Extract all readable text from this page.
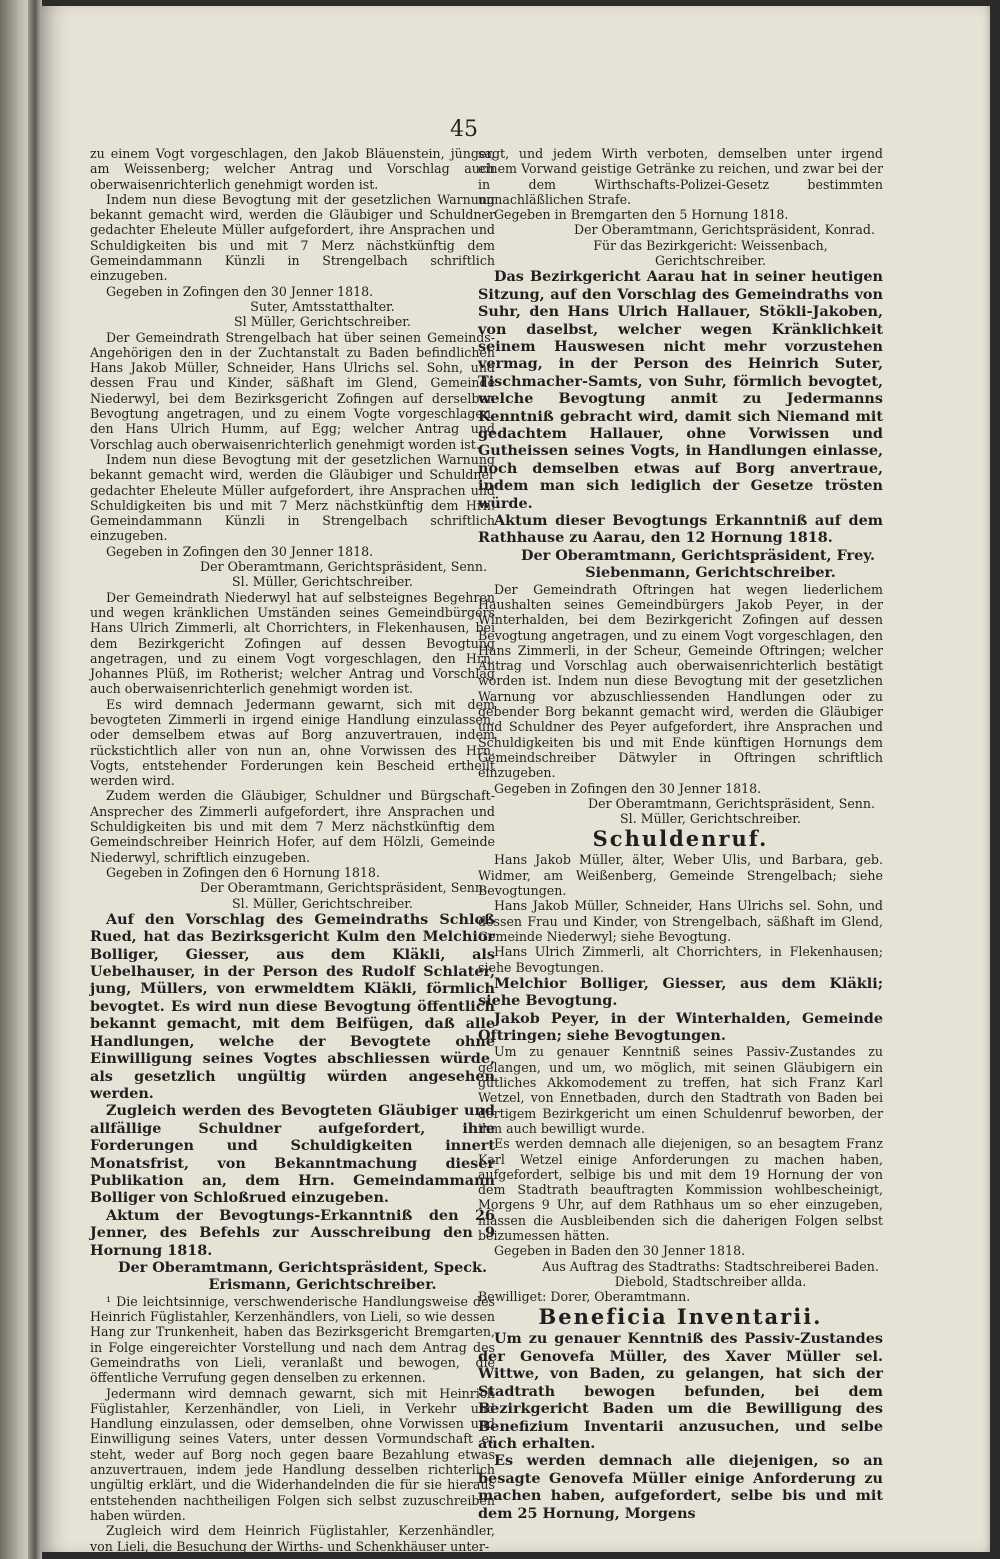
45

zu einem Vogt vorgeschlagen, den Jakob Bläuenstein, jünger, am Weissenberg; welcher Antrag und Vorschlag auch oberwaisenrichterlich genehmigt worden ist.

Indem nun diese Bevogtung mit der gesetzlichen Warnung bekannt gemacht wird, werden die Gläubiger und Schuldner gedachter Eheleute Müller aufgefordert, ihre Ansprachen und Schuldigkeiten bis und mit 7 Merz nächstkünftig dem Gemeindammann Künzli in Strengelbach schriftlich einzugeben.

Gegeben in Zofingen den 30 Jenner 1818.

Suter, Amtsstatthalter.

Sl Müller, Gerichtschreiber.

Der Gemeindrath Strengelbach hat über seinen Gemeinds-Angehörigen den in der Zuchtanstalt zu Baden befindlichen Hans Jakob Müller, Schneider, Hans Ulrichs sel. Sohn, und dessen Frau und Kinder, säßhaft im Glend, Gemeinde Niederwyl, bei dem Bezirksgericht Zofingen auf derselben Bevogtung angetragen, und zu einem Vogte vorgeschlagen, den Hans Ulrich Humm, auf Egg; welcher Antrag und Vorschlag auch oberwaisenrichterlich genehmigt worden ist.

Indem nun diese Bevogtung mit der gesetzlichen Warnung bekannt gemacht wird, werden die Gläubiger und Schuldner gedachter Eheleute Müller aufgefordert, ihre Ansprachen und Schuldigkeiten bis und mit 7 Merz nächstkünftig dem Hrn. Gemeindammann Künzli in Strengelbach schriftlich einzugeben.

Gegeben in Zofingen den 30 Jenner 1818.

Der Oberamtmann, Gerichtspräsident, Senn.

Sl. Müller, Gerichtschreiber.

Der Gemeindrath Niederwyl hat auf selbsteignes Begehren und wegen kränklichen Umständen seines Gemeindbürgers Hans Ulrich Zimmerli, alt Chorrichters, in Flekenhausen, bei dem Bezirkgericht Zofingen auf dessen Bevogtung angetragen, und zu einem Vogt vorgeschlagen, den Hrn. Johannes Plüß, im Rotherist; welcher Antrag und Vorschlag auch oberwaisenrichterlich genehmigt worden ist.

Es wird demnach Jedermann gewarnt, sich mit dem bevogteten Zimmerli in irgend einige Handlung einzulassen, oder demselbem etwas auf Borg anzuvertrauen, indem rückstichtlich aller von nun an, ohne Vorwissen des Hrn. Vogts, entstehender Forderungen kein Bescheid ertheilt werden wird.

Zudem werden die Gläubiger, Schuldner und Bürgschaft-Ansprecher des Zimmerli aufgefordert, ihre Ansprachen und Schuldigkeiten bis und mit dem 7 Merz nächstkünftig dem Gemeindschreiber Heinrich Hofer, auf dem Hölzli, Gemeinde Niederwyl, schriftlich einzugeben.

Gegeben in Zofingen den 6 Hornung 1818.

Der Oberamtmann, Gerichtspräsident, Senn.

Sl. Müller, Gerichtschreiber.

Auf den Vorschlag des Gemeindraths Schloß Rued, hat das Bezirksgericht Kulm den Melchior Bolliger, Giesser, aus dem Kläkli, als Uebelhauser, in der Person des Rudolf Schlater, jung, Müllers, von erwmeldtem Kläkli, förmlich bevogtet. Es wird nun diese Bevogtung öffentlich bekannt gemacht, mit dem Beifügen, daß alle Handlungen, welche der Bevogtete ohne Einwilligung seines Vogtes abschliessen würde, als gesetzlich ungültig würden angesehen werden.

Zugleich werden des Bevogteten Gläubiger und allfällige Schuldner aufgefordert, ihre Forderungen und Schuldigkeiten innert Monatsfrist, von Bekanntmachung dieser Publikation an, dem Hrn. Gemeindammann Bolliger von Schloßrued einzugeben.

Aktum der Bevogtungs-Erkanntniß den 26 Jenner, des Befehls zur Ausschreibung den 9 Hornung 1818.

Der Oberamtmann, Gerichtspräsident, Speck.

Erismann, Gerichtschreiber.

¹ Die leichtsinnige, verschwenderische Handlungsweise des Heinrich Füglistahler, Kerzenhändlers, von Lieli, so wie dessen Hang zur Trunkenheit, haben das Bezirksgericht Bremgarten, in Folge eingereichter Vorstellung und nach dem Antrag des Gemeindraths von Lieli, veranlaßt und bewogen, die öffentliche Verrufung gegen denselben zu erkennen.

Jedermann wird demnach gewarnt, sich mit Heinrich Füglistahler, Kerzenhändler, von Lieli, in Verkehr und Handlung einzulassen, oder demselben, ohne Vorwissen und Einwilligung seines Vaters, unter dessen Vormundschaft er steht, weder auf Borg noch gegen baare Bezahlung etwas anzuvertrauen, indem jede Handlung desselben richterlich ungültig erklärt, und die Widerhandelnden die für sie hieraus entstehenden nachtheiligen Folgen sich selbst zuzuschreiben haben würden.

Zugleich wird dem Heinrich Füglistahler, Kerzenhändler, von Lieli, die Besuchung der Wirths- und Schenkhäuser unter-

sagt, und jedem Wirth verboten, demselben unter irgend einem Vorwand geistige Getränke zu reichen, und zwar bei der in dem Wirthschafts-Polizei-Gesetz bestimmten unnachläßlichen Strafe.

Gegeben in Bremgarten den 5 Hornung 1818.

Der Oberamtmann, Gerichtspräsident, Konrad.

Für das Bezirkgericht: Weissenbach, Gerichtschreiber.

Das Bezirkgericht Aarau hat in seiner heutigen Sitzung, auf den Vorschlag des Gemeindraths von Suhr, den Hans Ulrich Hallauer, Stökli-Jakoben, von daselbst, welcher wegen Kränklichkeit seinem Hauswesen nicht mehr vorzustehen vermag, in der Person des Heinrich Suter, Tischmacher-Samts, von Suhr, förmlich bevogtet, welche Bevogtung anmit zu Jedermanns Kenntniß gebracht wird, damit sich Niemand mit gedachtem Hallauer, ohne Vorwissen und Gutheissen seines Vogts, in Handlungen einlasse, noch demselben etwas auf Borg anvertraue, indem man sich lediglich der Gesetze trösten würde.

Aktum dieser Bevogtungs Erkanntniß auf dem Rathhause zu Aarau, den 12 Hornung 1818.

Der Oberamtmann, Gerichtspräsident, Frey.

Siebenmann, Gerichtschreiber.

Der Gemeindrath Oftringen hat wegen liederlichem Haushalten seines Gemeindbürgers Jakob Peyer, in der Winterhalden, bei dem Bezirkgericht Zofingen auf dessen Bevogtung angetragen, und zu einem Vogt vorgeschlagen, den Hans Zimmerli, in der Scheur, Gemeinde Oftringen; welcher Antrag und Vorschlag auch oberwaisenrichterlich bestätigt worden ist. Indem nun diese Bevogtung mit der gesetzlichen Warnung vor abzuschliessenden Handlungen oder zu gebender Borg bekannt gemacht wird, werden die Gläubiger und Schuldner des Peyer aufgefordert, ihre Ansprachen und Schuldigkeiten bis und mit Ende künftigen Hornungs dem Gemeindschreiber Dätwyler in Oftringen schriftlich einzugeben.

Gegeben in Zofingen den 30 Jenner 1818.

Der Oberamtmann, Gerichtspräsident, Senn.

Sl. Müller, Gerichtschreiber.

Schuldenruf.

Hans Jakob Müller, älter, Weber Ulis, und Barbara, geb. Widmer, am Weißenberg, Gemeinde Strengelbach; siehe Bevogtungen.

Hans Jakob Müller, Schneider, Hans Ulrichs sel. Sohn, und dessen Frau und Kinder, von Strengelbach, säßhaft im Glend, Gemeinde Niederwyl; siehe Bevogtung.

Hans Ulrich Zimmerli, alt Chorrichters, in Flekenhausen; siehe Bevogtungen.

Melchior Bolliger, Giesser, aus dem Kläkli; siehe Bevogtung.

Jakob Peyer, in der Winterhalden, Gemeinde Oftringen; siehe Bevogtungen.

Um zu genauer Kenntniß seines Passiv-Zustandes zu gelangen, und um, wo möglich, mit seinen Gläubigern ein gütliches Akkomodement zu treffen, hat sich Franz Karl Wetzel, von Ennetbaden, durch den Stadtrath von Baden bei dortigem Bezirkgericht um einen Schuldenruf beworben, der ihm auch bewilligt wurde.

Es werden demnach alle diejenigen, so an besagtem Franz Karl Wetzel einige Anforderungen zu machen haben, aufgefordert, selbige bis und mit dem 19 Hornung der von dem Stadtrath beauftragten Kommission wohlbescheinigt, Morgens 9 Uhr, auf dem Rathhaus um so eher einzugeben, massen die Ausbleibenden sich die daherigen Folgen selbst beizumessen hätten.

Gegeben in Baden den 30 Jenner 1818.

Aus Auftrag des Stadtraths: Stadtschreiberei Baden. Diebold, Stadtschreiber allda.

Bewilliget: Dorer, Oberamtmann.

Beneficia Inventarii.

Um zu genauer Kenntniß des Passiv-Zustandes der Genovefa Müller, des Xaver Müller sel. Wittwe, von Baden, zu gelangen, hat sich der Stadtrath bewogen befunden, bei dem Bezirkgericht Baden um die Bewilligung des Benefizium Inventarii anzusuchen, und selbe auch erhalten.

Es werden demnach alle diejenigen, so an besagte Genovefa Müller einige Anforderung zu machen haben, aufgefordert, selbe bis und mit dem 25 Hornung, Morgens
